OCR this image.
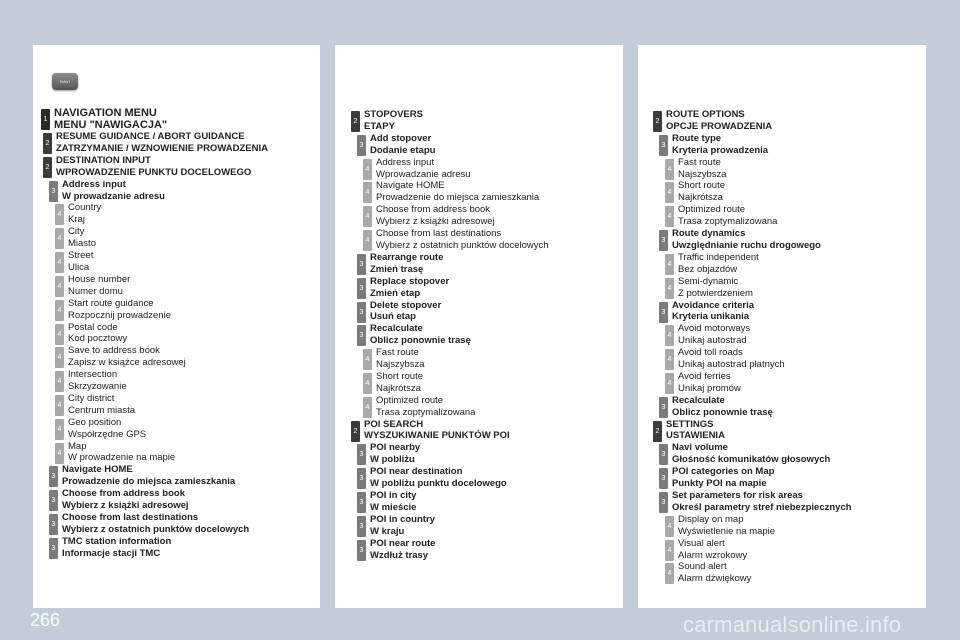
NAVI
1
NAVIGATION MENU
MENU "NAWIGACJA"
2
RESUME GUIDANCE / ABORT GUIDANCE
ZATRZYMANIE / WZNOWIENIE PROWADZENIA
2
DESTINATION INPUT
WPROWADZENIE PUNKTU DOCELOWEGO
3
Address input
W prowadzanie adresu
4
Country
Kraj
4
City
Miasto
4
Street
Ulica
4
House number
Numer domu
4
Start route guidance
Rozpocznij prowadzenie
4
Postal code
Kod pocztowy
4
Save to address book
Zapisz w książce adresowej
4
Intersection
Skrzyżowanie
4
City district
Centrum miasta
4
Geo position
Współrzędne GPS
4
Map
W prowadzenie na mapie
3
Navigate HOME
Prowadzenie do miejsca zamieszkania
3
Choose from address book
Wybierz z książki adresowej
3
Choose from last destinations
Wybierz z ostatnich punktów docelowych
3
TMC station information
Informacje stacji TMC
2
STOPOVERS
ETAPY
3
Add stopover
Dodanie etapu
4
Address input
Wprowadzanie adresu
4
Navigate HOME
Prowadzenie do miejsca zamieszkania
4
Choose from address book
Wybierz z książki adresowej
4
Choose from last destinations
Wybierz z ostatnich punktów docelowych
3
Rearrange route
Zmień trasę
3
Replace stopover
Zmień etap
3
Delete stopover
Usuń etap
3
Recalculate
Oblicz ponownie trasę
4
Fast route
Najszybsza
4
Short route
Najkrótsza
4
Optimized route
Trasa zoptymalizowana
2
POI SEARCH
WYSZUKIWANIE PUNKTÓW POI
3
POI nearby
W pobliżu
3
POI near destination
W pobliżu punktu docelowego
3
POI in city
W mieście
3
POI in country
W kraju
3
POI near route
Wzdłuż trasy
2
ROUTE OPTIONS
OPCJE PROWADZENIA
3
Route type
Kryteria prowadzenia
4
Fast route
Najszybsza
4
Short route
Najkrótsza
4
Optimized route
Trasa zoptymalizowana
3
Route dynamics
Uwzględnianie ruchu drogowego
4
Traffic independent
Bez objazdów
4
Semi-dynamic
Z potwierdzeniem
3
Avoidance criteria
Kryteria unikania
4
Avoid motorways
Unikaj autostrad
4
Avoid toll roads
Unikaj autostrad płatnych
4
Avoid ferries
Unikaj promów
3
Recalculate
Oblicz ponownie trasę
2
SETTINGS
USTAWIENIA
3
Navi volume
Głośność komunikatów głosowych
3
POI categories on Map
Punkty POI na mapie
3
Set parameters for risk areas
Określ parametry stref niebezpiecznych
4
Display on map
Wyświetlenie na mapie
4
Visual alert
Alarm wzrokowy
4
Sound alert
Alarm dźwiękowy
266	carmanualsonline.info
